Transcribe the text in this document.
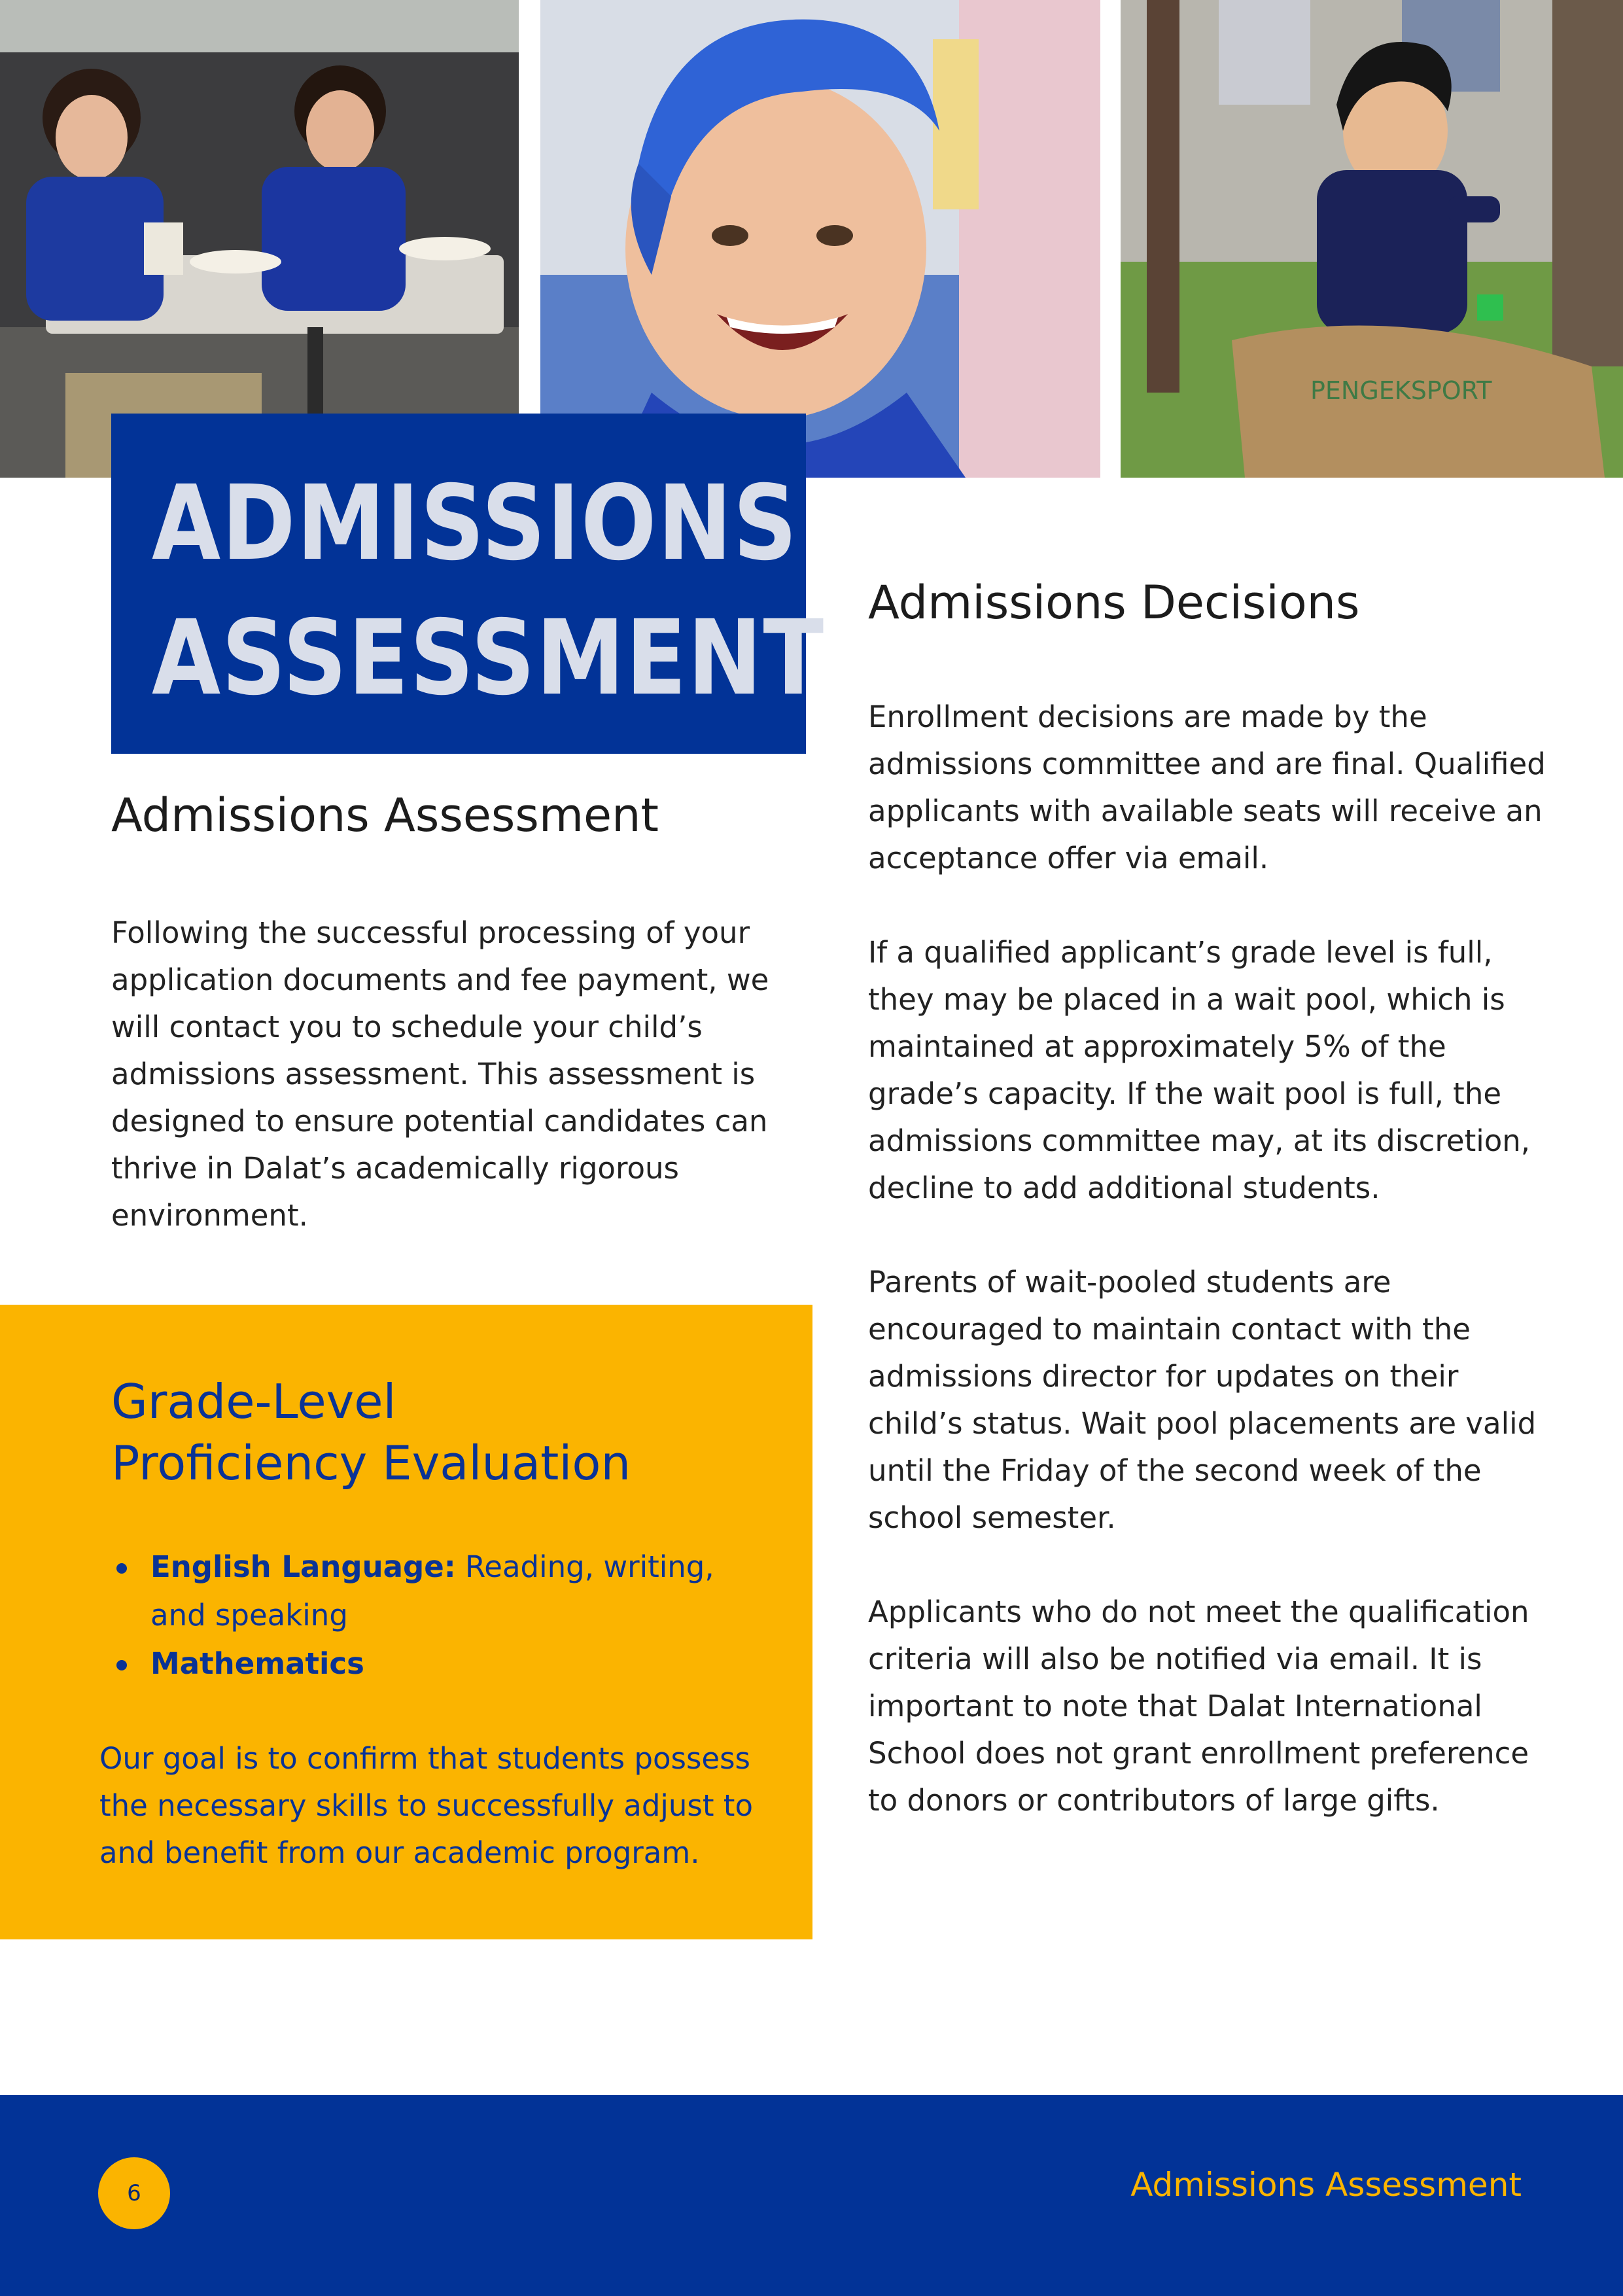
PENGEKSPORT
ADMISSIONS
ASSESSMENT
Admissions Assessment

Following the successful processing of your application documents and fee payment, we will contact you to schedule your child’s admissions assessment. This assessment is designed to ensure potential candidates can thrive in Dalat’s academically rigorous environment.

Grade-Level
Proficiency Evaluation
English Language: Reading, writing, and speaking
Mathematics

Our goal is to confirm that students possess the necessary skills to successfully adjust to and benefit from our academic program.

Admissions Decisions

Enrollment decisions are made by the admissions committee and are final. Qualified applicants with available seats will receive an acceptance offer via email.

If a qualified applicant’s grade level is full, they may be placed in a wait pool, which is maintained at approximately 5% of the grade’s capacity. If the wait pool is full, the admissions committee may, at its discretion, decline to add additional students.

Parents of wait-pooled students are encouraged to maintain contact with the admissions director for updates on their child’s status. Wait pool placements are valid until the Friday of the second week of the school semester.

Applicants who do not meet the qualification criteria will also be notified via email. It is important to note that Dalat International School does not grant enrollment preference to donors or contributors of large gifts.

6	Admissions Assessment
